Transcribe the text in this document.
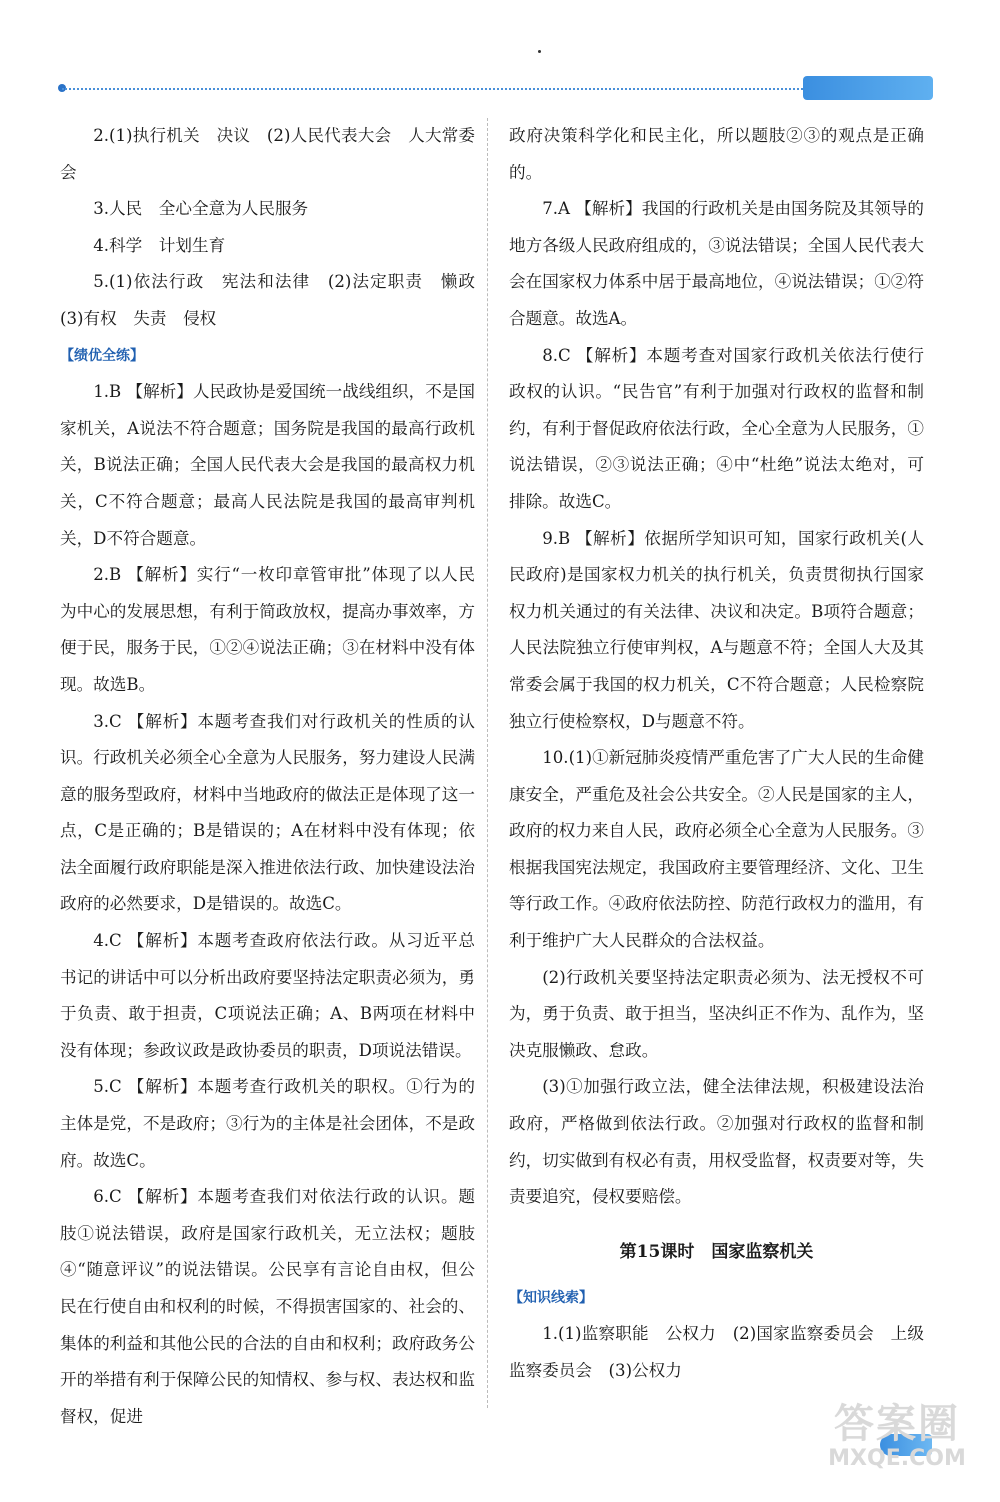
2.(1)执行机关　决议　(2)人民代表大会　人大常委会

3.人民　全心全意为人民服务

4.科学　计划生育

5.(1)依法行政　宪法和法律　(2)法定职责　懒政　(3)有权　失责　侵权

【绩优全练】

1.B 【解析】人民政协是爱国统一战线组织，不是国家机关，A说法不符合题意；国务院是我国的最高行政机关，B说法正确；全国人民代表大会是我国的最高权力机关，C不符合题意；最高人民法院是我国的最高审判机关，D不符合题意。

2.B 【解析】实行“一枚印章管审批”体现了以人民为中心的发展思想，有利于简政放权，提高办事效率，方便于民，服务于民，①②④说法正确；③在材料中没有体现。故选B。

3.C 【解析】本题考查我们对行政机关的性质的认识。行政机关必须全心全意为人民服务，努力建设人民满意的服务型政府，材料中当地政府的做法正是体现了这一点，C是正确的；B是错误的；A在材料中没有体现；依法全面履行政府职能是深入推进依法行政、加快建设法治政府的必然要求，D是错误的。故选C。

4.C 【解析】本题考查政府依法行政。从习近平总书记的讲话中可以分析出政府要坚持法定职责必须为，勇于负责、敢于担责，C项说法正确；A、B两项在材料中没有体现；参政议政是政协委员的职责，D项说法错误。

5.C 【解析】本题考查行政机关的职权。①行为的主体是党，不是政府；③行为的主体是社会团体，不是政府。故选C。

6.C 【解析】本题考查我们对依法行政的认识。题肢①说法错误，政府是国家行政机关，无立法权；题肢④“随意评议”的说法错误。公民享有言论自由权，但公民在行使自由和权利的时候，不得损害国家的、社会的、集体的利益和其他公民的合法的自由和权利；政府政务公开的举措有利于保障公民的知情权、参与权、表达权和监督权，促进

政府决策科学化和民主化，所以题肢②③的观点是正确的。

7.A 【解析】我国的行政机关是由国务院及其领导的地方各级人民政府组成的，③说法错误；全国人民代表大会在国家权力体系中居于最高地位，④说法错误；①②符合题意。故选A。

8.C 【解析】本题考查对国家行政机关依法行使行政权的认识。“民告官”有利于加强对行政权的监督和制约，有利于督促政府依法行政，全心全意为人民服务，①说法错误，②③说法正确；④中“杜绝”说法太绝对，可排除。故选C。

9.B 【解析】依据所学知识可知，国家行政机关(人民政府)是国家权力机关的执行机关，负责贯彻执行国家权力机关通过的有关法律、决议和决定。B项符合题意；人民法院独立行使审判权，A与题意不符；全国人大及其常委会属于我国的权力机关，C不符合题意；人民检察院独立行使检察权，D与题意不符。

10.(1)①新冠肺炎疫情严重危害了广大人民的生命健康安全，严重危及社会公共安全。②人民是国家的主人，政府的权力来自人民，政府必须全心全意为人民服务。③根据我国宪法规定，我国政府主要管理经济、文化、卫生等行政工作。④政府依法防控、防范行政权力的滥用，有利于维护广大人民群众的合法权益。

(2)行政机关要坚持法定职责必须为、法无授权不可为，勇于负责、敢于担当，坚决纠正不作为、乱作为，坚决克服懒政、怠政。

(3)①加强行政立法，健全法律法规，积极建设法治政府，严格做到依法行政。②加强对行政权的监督和制约，切实做到有权必有责，用权受监督，权责要对等，失责要追究，侵权要赔偿。

第15课时　国家监察机关

【知识线索】

1.(1)监察职能　公权力　(2)国家监察委员会　上级监察委员会　(3)公权力

答案圈
MXQE.COM
